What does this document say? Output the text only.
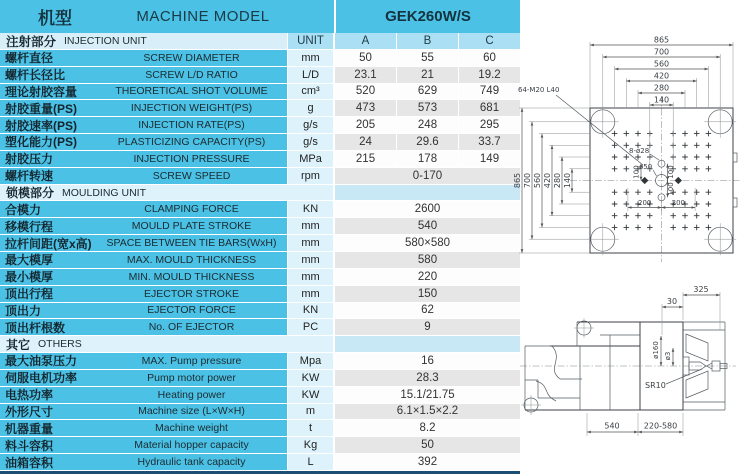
机型	MACHINE MODEL	GEK260W/S
注射部分 INJECTION UNIT	UNIT	A	B	C
螺杆直径	SCREW DIAMETER	mm	50	55	60
螺杆长径比	SCREW L/D RATIO	L/D	23.1	21	19.2
理论射胶容量	THEORETICAL SHOT VOLUME	cm³	520	629	749
射胶重量(PS)	INJECTION WEIGHT(PS)	g	473	573	681
射胶速率(PS)	INJECTION RATE(PS)	g/s	205	248	295
塑化能力(PS)	PLASTICIZING CAPACITY(PS)	g/s	24	29.6	33.7
射胶压力	INJECTION PRESSURE	MPa	215	178	149
螺杆转速	SCREW SPEED	rpm	0-170
锁模部分 MOULDING UNIT
合模力	CLAMPING FORCE	KN	2600
移模行程	MOULD PLATE STROKE	mm	540
拉杆间距(宽x高)	SPACE BETWEEN TIE BARS(WxH)	mm	580×580
最大模厚	MAX. MOULD THICKNESS	mm	580
最小模厚	MIN. MOULD THICKNESS	mm	220
顶出行程	EJECTOR STROKE	mm	150
顶出力	EJECTOR FORCE	KN	62
顶出杆根数	No. OF EJECTOR	PC	9
其它 OTHERS
最大油泵压力	MAX. Pump pressure	Mpa	16
伺服电机功率	Pump motor power	KW	28.3
电热功率	Heating power	KW	15.1/21.75
外形尺寸	Machine size (L×W×H)	m	6.1×1.5×2.2
机器重量	Machine weight	t	8.2
料斗容积	Material hopper capacity	Kg	50
油箱容积	Hydraulic tank capacity	L	392
865
700
560
420
280
140
865 700 560 420 280 140
64-M20 L40
8-ø28
ø50
100	100
100
200	200
325
30
ø160 ø3
SR10
540	220-580
